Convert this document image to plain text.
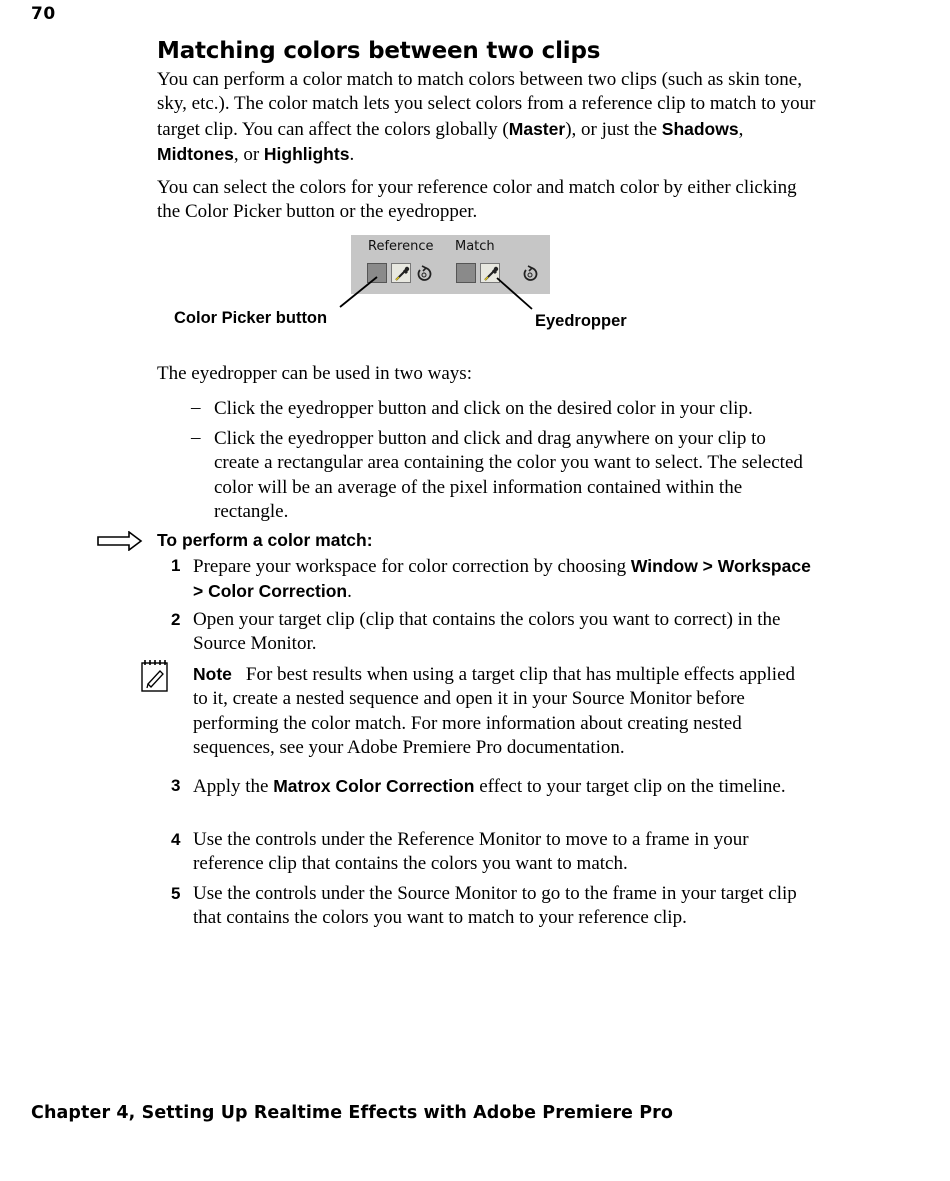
70
Matching colors between two clips

You can perform a color match to match colors between two clips (such as skin tone, sky, etc.). The color match lets you select colors from a reference clip to match to your target clip. You can affect the colors globally (Master), or just the Shadows, Midtones, or Highlights.

You can select the colors for your reference color and match color by either clicking the Color Picker button or the eyedropper.

Reference Match
Color Picker button	Eyedropper

The eyedropper can be used in two ways:

– Click the eyedropper button and click on the desired color in your clip.

– Click the eyedropper button and click and drag anywhere on your clip to create a rectangular area containing the color you want to select. The selected color will be an average of the pixel information contained within the rectangle.

To perform a color match:
1 Prepare your workspace for color correction by choosing Window > Workspace > Color Correction.

2 Open your target clip (clip that contains the colors you want to correct) in the Source Monitor.

Note For best results when using a target clip that has multiple effects applied to it, create a nested sequence and open it in your Source Monitor before performing the color match. For more information about creating nested sequences, see your Adobe Premiere Pro documentation.

3 Apply the Matrox Color Correction effect to your target clip on the timeline.

4 Use the controls under the Reference Monitor to move to a frame in your reference clip that contains the colors you want to match.

5 Use the controls under the Source Monitor to go to the frame in your target clip that contains the colors you want to match to your reference clip.

Chapter 4, Setting Up Realtime Effects with Adobe Premiere Pro
